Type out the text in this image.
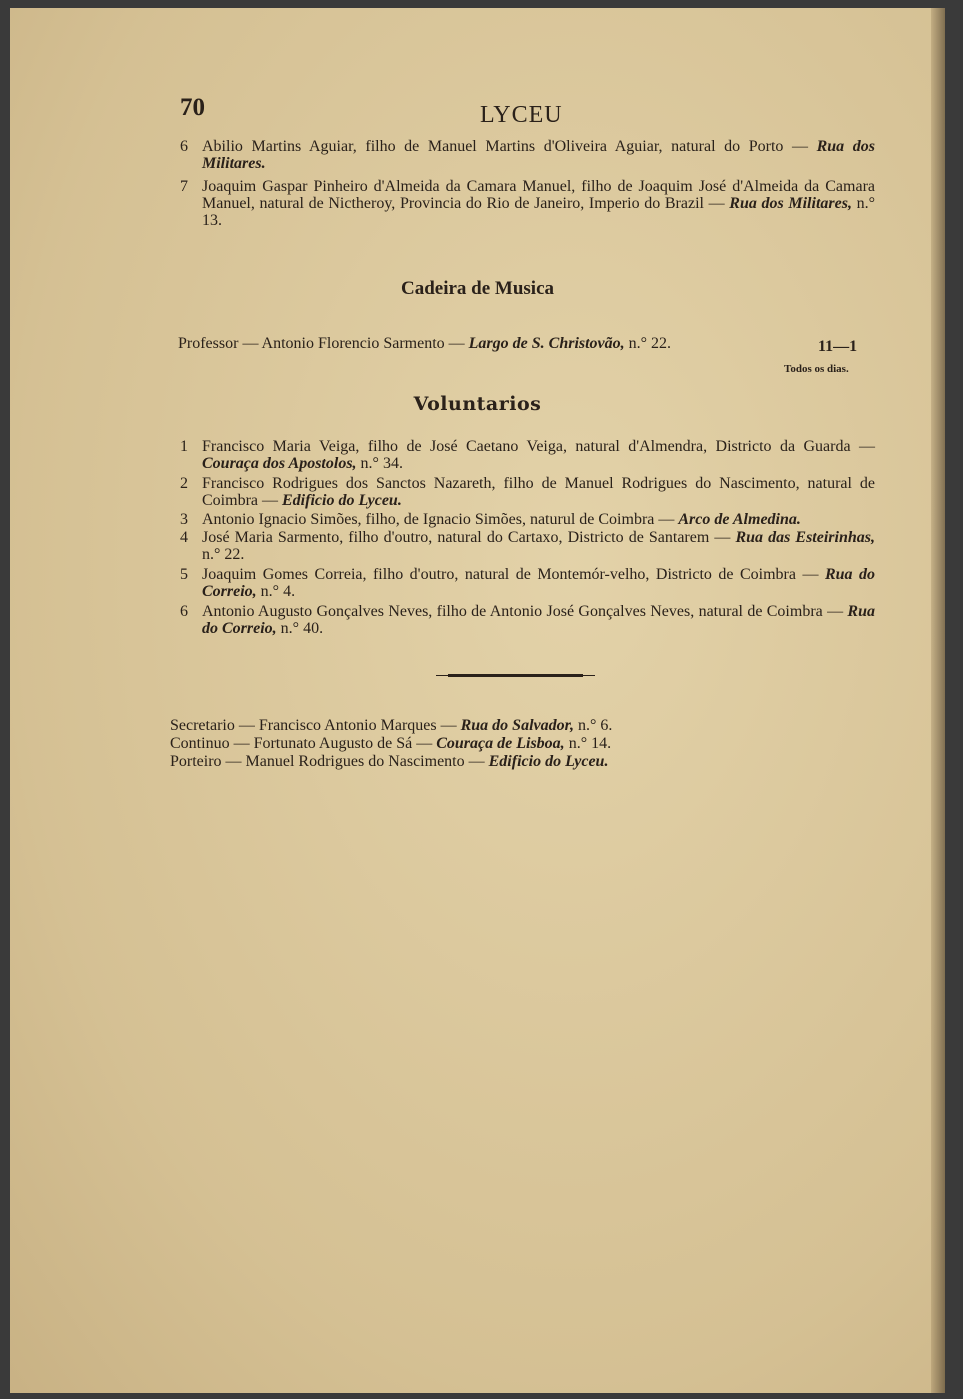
70	LYCEU
6 Abilio Martins Aguiar, filho de Manuel Martins d'Oliveira Aguiar, natural do Porto — Rua dos Militares.
7 Joaquim Gaspar Pinheiro d'Almeida da Camara Manuel, filho de Joaquim José d'Almeida da Camara Manuel, natural de Nictheroy, Provincia do Rio de Janeiro, Imperio do Brazil — Rua dos Militares, n.° 13.
Cadeira de Musica
Professor — Antonio Florencio Sarmento — Largo de S. Christovão, n.° 22.	11—1
Todos os dias.
Voluntarios
1 Francisco Maria Veiga, filho de José Caetano Veiga, natural d'Almendra, Districto da Guarda — Couraça dos Apostolos, n.° 34.
2 Francisco Rodrigues dos Sanctos Nazareth, filho de Manuel Rodrigues do Nascimento, natural de Coimbra — Edificio do Lyceu.
3 Antonio Ignacio Simões, filho, de Ignacio Simões, naturul de Coimbra — Arco de Almedina.
4 José Maria Sarmento, filho d'outro, natural do Cartaxo, Districto de Santarem — Rua das Esteirinhas, n.° 22.
5 Joaquim Gomes Correia, filho d'outro, natural de Montemór-velho, Districto de Coimbra — Rua do Correio, n.° 4.
6 Antonio Augusto Gonçalves Neves, filho de Antonio José Gonçalves Neves, natural de Coimbra — Rua do Correio, n.° 40.
Secretario — Francisco Antonio Marques — Rua do Salvador, n.° 6.
Continuo — Fortunato Augusto de Sá — Couraça de Lisboa, n.° 14.
Porteiro — Manuel Rodrigues do Nascimento — Edificio do Lyceu.
